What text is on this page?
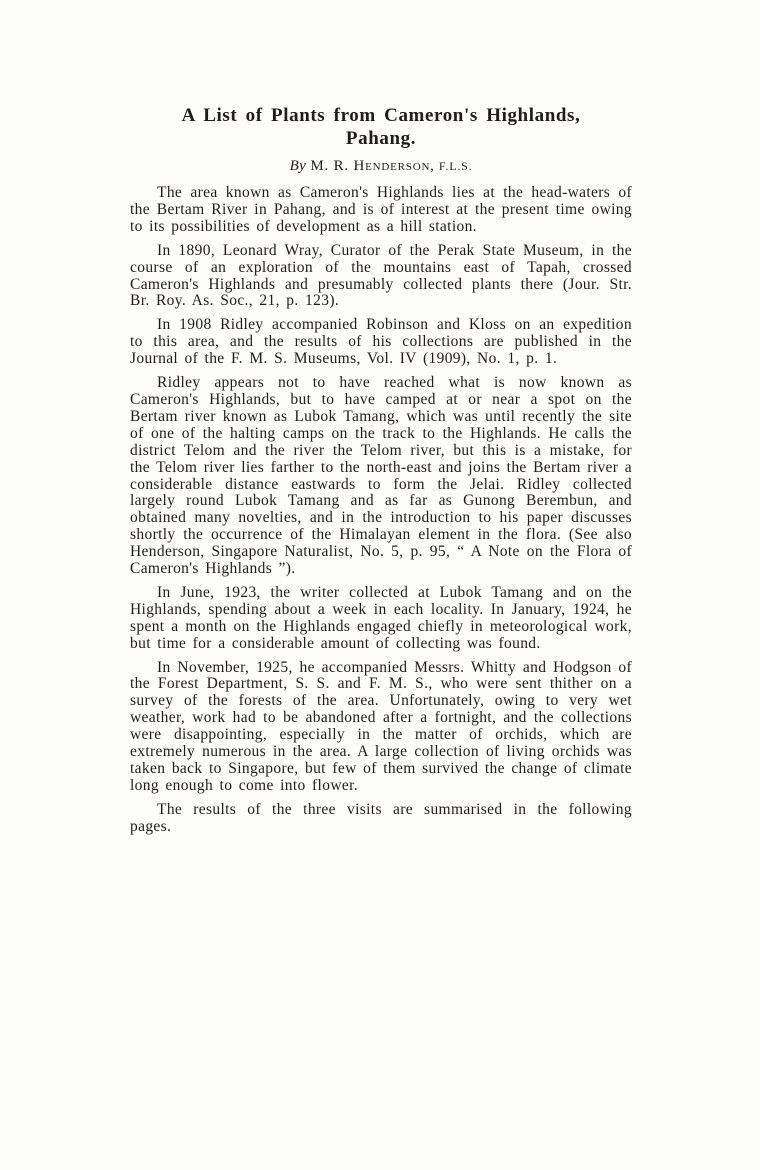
A List of Plants from Cameron's Highlands,
Pahang.
By M. R. Henderson, F.L.S.

The area known as Cameron's Highlands lies at the head-waters of the Bertam River in Pahang, and is of interest at the present time owing to its possibilities of development as a hill station.

In 1890, Leonard Wray, Curator of the Perak State Museum, in the course of an exploration of the mountains east of Tapah, crossed Cameron's Highlands and presumably collected plants there (Jour. Str. Br. Roy. As. Soc., 21, p. 123).

In 1908 Ridley accompanied Robinson and Kloss on an expedition to this area, and the results of his collections are published in the Journal of the F. M. S. Museums, Vol. IV (1909), No. 1, p. 1.

Ridley appears not to have reached what is now known as Cameron's Highlands, but to have camped at or near a spot on the Bertam river known as Lubok Tamang, which was until recently the site of one of the halting camps on the track to the Highlands. He calls the district Telom and the river the Telom river, but this is a mistake, for the Telom river lies farther to the north-east and joins the Bertam river a considerable distance eastwards to form the Jelai. Ridley collected largely round Lubok Tamang and as far as Gunong Berembun, and obtained many novelties, and in the introduction to his paper discusses shortly the occurrence of the Himalayan element in the flora. (See also Henderson, Singapore Naturalist, No. 5, p. 95, “ A Note on the Flora of Cameron's Highlands ”).

In June, 1923, the writer collected at Lubok Tamang and on the Highlands, spending about a week in each locality. In January, 1924, he spent a month on the Highlands engaged chiefly in meteorological work, but time for a considerable amount of collecting was found.

In November, 1925, he accompanied Messrs. Whitty and Hodgson of the Forest Department, S. S. and F. M. S., who were sent thither on a survey of the forests of the area. Unfortunately, owing to very wet weather, work had to be abandoned after a fortnight, and the collections were disappointing, especially in the matter of orchids, which are extremely numerous in the area. A large collection of living orchids was taken back to Singapore, but few of them survived the change of climate long enough to come into flower.

The results of the three visits are summarised in the following pages.
